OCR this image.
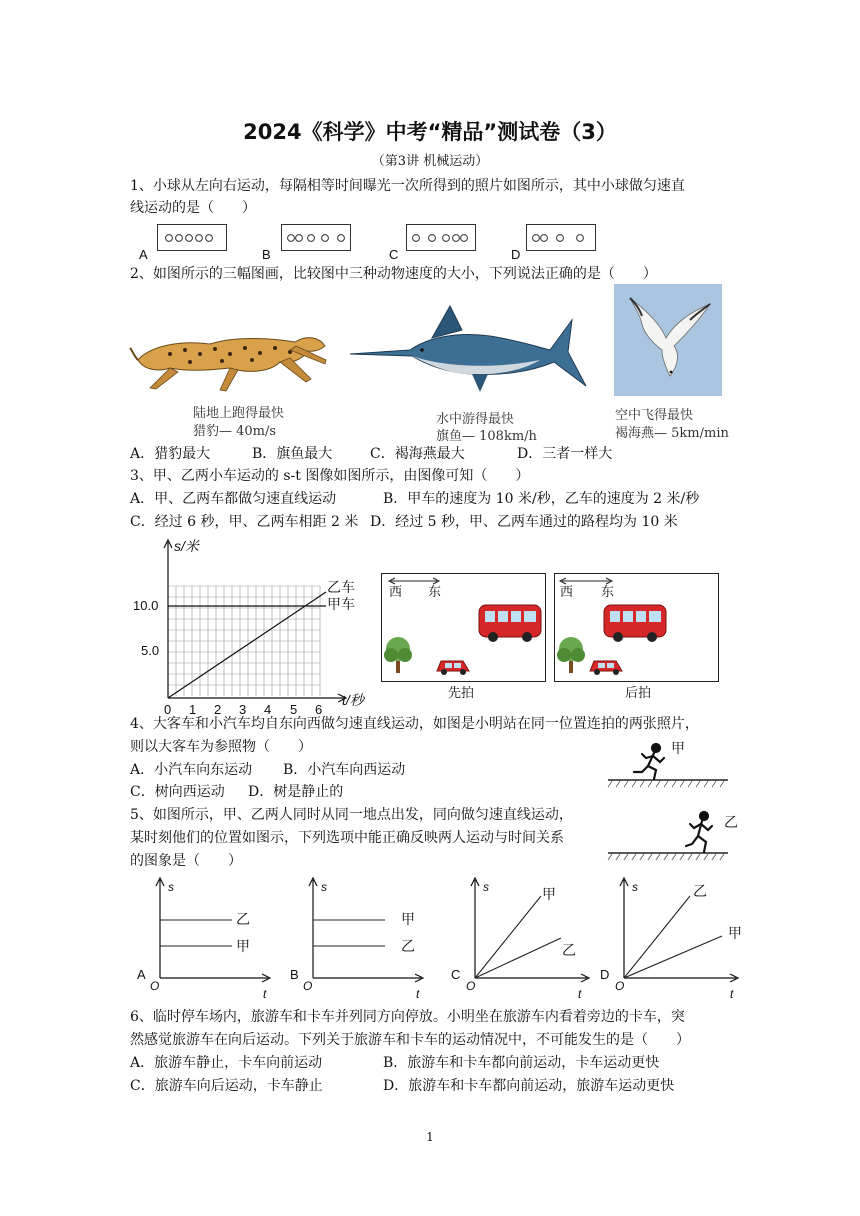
2024《科学》中考“精品”测试卷（3）
（第3讲 机械运动）
1、小球从左向右运动，每隔相等时间曝光一次所得到的照片如图所示，其中小球做匀速直
线运动的是（　　）
A	B	C	D
2、如图所示的三幅图画，比较图中三种动物速度的大小，下列说法正确的是（　　）
陆地上跑得最快
猎豹— 40m/s
水中游得最快
旗鱼— 108km/h
空中飞得最快
褐海燕— 5km/min
A．猎豹最大	B．旗鱼最大	C．褐海燕最大	D．三者一样大
3、甲、乙两小车运动的 s-t 图像如图所示，由图像可知（　　）
A．甲、乙两车都做匀速直线运动	B．甲车的速度为 10 米/秒，乙车的速度为 2 米/秒
C．经过 6 秒，甲、乙两车相距 2 米 D．经过 5 秒，甲、乙两车通过的路程均为 10 米
s/米
t/秒
10.0
5.0
0 1 2 3 4 5 6
乙车
甲车
西 东
先拍
西 东
后拍
4、大客车和小汽车均自东向西做匀速直线运动，如图是小明站在同一位置连拍的两张照片，
则以大客车为参照物（　　）
A．小汽车向东运动 B．小汽车向西运动
C．树向西运动 D．树是静止的
甲
乙
5、如图所示，甲、乙两人同时从同一地点出发，同向做匀速直线运动，
某时刻他们的位置如图示，下列选项中能正确反映两人运动与时间关系
的图象是（　　）
A
s
O
t
乙
甲
B
s
O
t
甲
乙
C
s
O
t
甲
乙
D
s
O
t
乙
甲
6、临时停车场内，旅游车和卡车并列同方向停放。小明坐在旅游车内看着旁边的卡车，突
然感觉旅游车在向后运动。下列关于旅游车和卡车的运动情况中，不可能发生的是（　　）
A．旅游车静止，卡车向前运动	B．旅游车和卡车都向前运动，卡车运动更快
C．旅游车向后运动，卡车静止	D．旅游车和卡车都向前运动，旅游车运动更快
1
